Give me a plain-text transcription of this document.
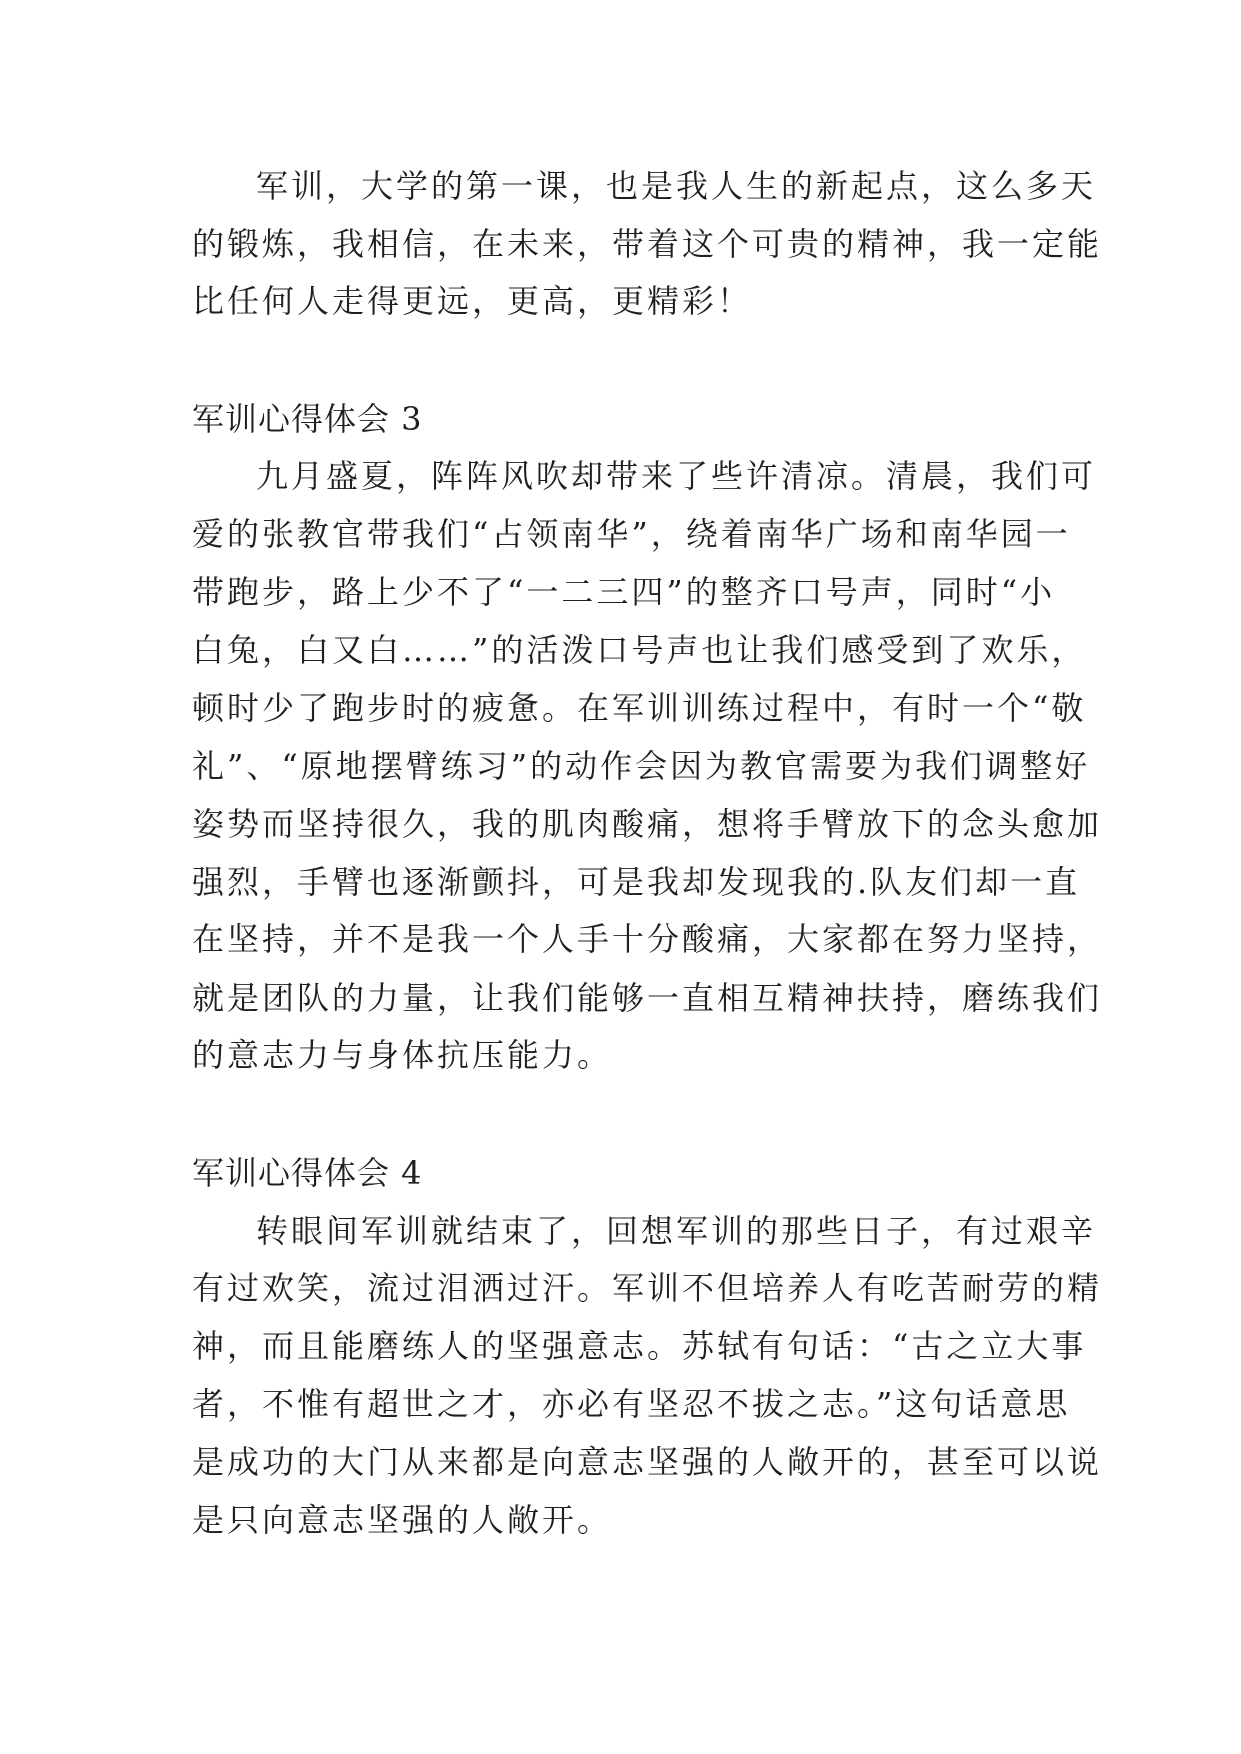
军训，大学的第一课，也是我人生的新起点，这么多天
的锻炼，我相信，在未来，带着这个可贵的精神，我一定能
比任何人走得更远，更高，更精彩！
军训心得体会 3
九月盛夏，阵阵风吹却带来了些许清凉。清晨，我们可
爱的张教官带我们“占领南华”，绕着南华广场和南华园一
带跑步，路上少不了“一二三四”的整齐口号声，同时“小
白兔，白又白……”的活泼口号声也让我们感受到了欢乐，
顿时少了跑步时的疲惫。在军训训练过程中，有时一个“敬
礼”、“原地摆臂练习”的动作会因为教官需要为我们调整好
姿势而坚持很久，我的肌肉酸痛，想将手臂放下的念头愈加
强烈，手臂也逐渐颤抖，可是我却发现我的.队友们却一直
在坚持，并不是我一个人手十分酸痛，大家都在努力坚持，
就是团队的力量，让我们能够一直相互精神扶持，磨练我们
的意志力与身体抗压能力。
军训心得体会 4
转眼间军训就结束了，回想军训的那些日子，有过艰辛
有过欢笑，流过泪洒过汗。军训不但培养人有吃苦耐劳的精
神，而且能磨练人的坚强意志。苏轼有句话：“古之立大事
者，不惟有超世之才，亦必有坚忍不拔之志。”这句话意思
是成功的大门从来都是向意志坚强的人敞开的，甚至可以说
是只向意志坚强的人敞开。
